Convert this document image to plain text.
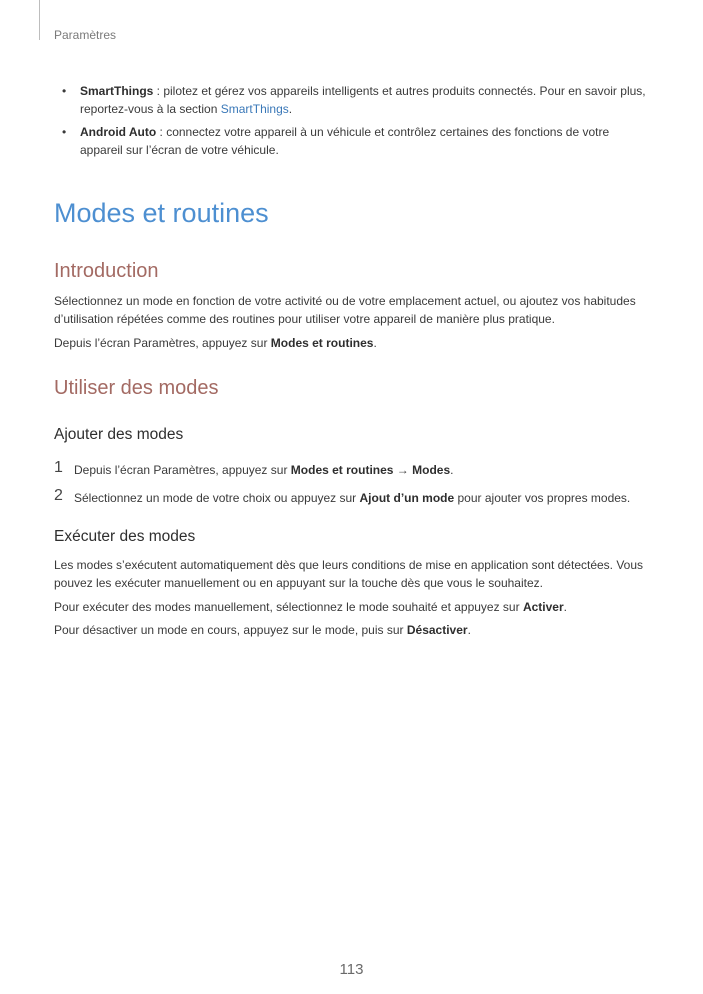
Paramètres
• SmartThings : pilotez et gérez vos appareils intelligents et autres produits connectés. Pour en savoir plus, reportez-vous à la section SmartThings.
• Android Auto : connectez votre appareil à un véhicule et contrôlez certaines des fonctions de votre appareil sur l’écran de votre véhicule.
Modes et routines
Introduction

Sélectionnez un mode en fonction de votre activité ou de votre emplacement actuel, ou ajoutez vos habitudes d’utilisation répétées comme des routines pour utiliser votre appareil de manière plus pratique.

Depuis l’écran Paramètres, appuyez sur Modes et routines.

Utiliser des modes
Ajouter des modes
1 Depuis l’écran Paramètres, appuyez sur Modes et routines → Modes.
2 Sélectionnez un mode de votre choix ou appuyez sur Ajout d’un mode pour ajouter vos propres modes.
Exécuter des modes

Les modes s’exécutent automatiquement dès que leurs conditions de mise en application sont détectées. Vous pouvez les exécuter manuellement ou en appuyant sur la touche dès que vous le souhaitez.

Pour exécuter des modes manuellement, sélectionnez le mode souhaité et appuyez sur Activer.

Pour désactiver un mode en cours, appuyez sur le mode, puis sur Désactiver.

113
